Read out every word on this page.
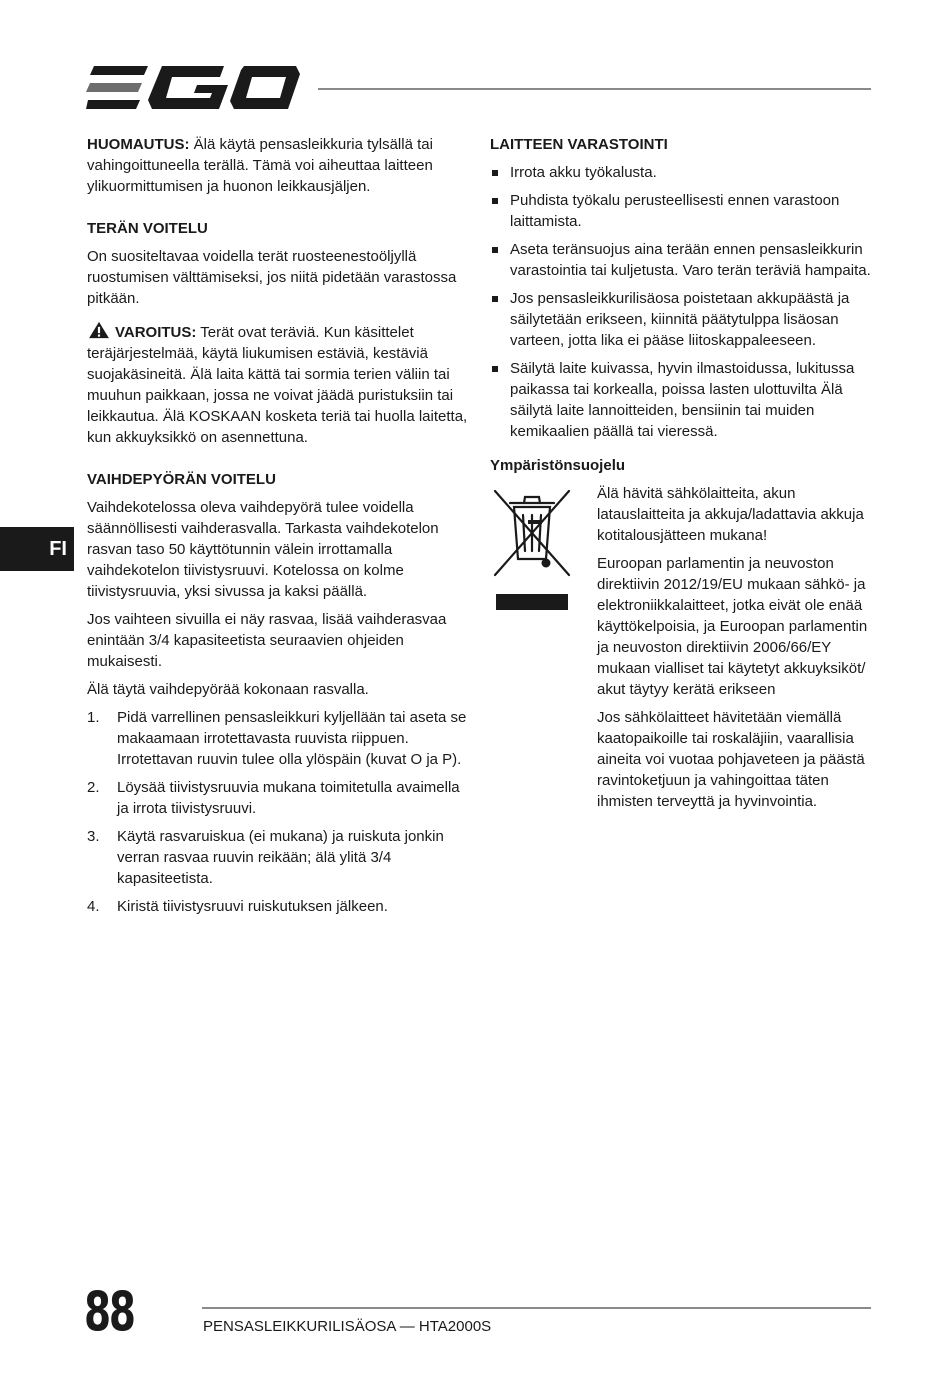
HUOMAUTUS: Älä käytä pensasleikkuria tylsällä tai vahingoittuneella terällä. Tämä voi aiheuttaa laitteen ylikuormittumisen ja huonon leikkausjäljen.

TERÄN VOITELU

On suositeltavaa voidella terät ruosteenestoöljyllä ruostumisen välttämiseksi, jos niitä pidetään varastossa pitkään.

VAROITUS: Terät ovat teräviä. Kun käsittelet teräjärjestelmää, käytä liukumisen estäviä, kestäviä suojakäsineitä. Älä laita kättä tai sormia terien väliin tai muuhun paikkaan, jossa ne voivat jäädä puristuksiin tai leikkautua. Älä KOSKAAN kosketa teriä tai huolla laitetta, kun akkuyksikkö on asennettuna.

VAIHDEPYÖRÄN VOITELU

Vaihdekotelossa oleva vaihdepyörä tulee voidella säännöllisesti vaihderasvalla. Tarkasta vaihdekotelon rasvan taso 50 käyttötunnin välein irrottamalla vaihdekotelon tiivistysruuvi. Kotelossa on kolme tiivistysruuvia, yksi sivussa ja kaksi päällä.

Jos vaihteen sivuilla ei näy rasvaa, lisää vaihderasvaa enintään 3/4 kapasiteetista seuraavien ohjeiden mukaisesti.

Älä täytä vaihdepyörää kokonaan rasvalla.

1. Pidä varrellinen pensasleikkuri kyljellään tai aseta se makaamaan irrotettavasta ruuvista riippuen. Irrotettavan ruuvin tulee olla ylöspäin (kuvat O ja P).
2. Löysää tiivistysruuvia mukana toimitetulla avaimella ja irrota tiivistysruuvi.
3. Käytä rasvaruiskua (ei mukana) ja ruiskuta jonkin verran rasvaa ruuvin reikään; älä ylitä 3/4 kapasiteetista.
4. Kiristä tiivistysruuvi ruiskutuksen jälkeen.
LAITTEEN VARASTOINTI
Irrota akku työkalusta.
Puhdista työkalu perusteellisesti ennen varastoon laittamista.
Aseta teränsuojus aina terään ennen pensasleikkurin varastointia tai kuljetusta. Varo terän teräviä hampaita.
Jos pensasleikkurilisäosa poistetaan akkupäästä ja säilytetään erikseen, kiinnitä päätytulppa lisäosan varteen, jotta lika ei pääse liitoskappaleeseen.
Säilytä laite kuivassa, hyvin ilmastoidussa, lukitussa paikassa tai korkealla, poissa lasten ulottuvilta Älä säilytä laite lannoitteiden, bensiinin tai muiden kemikaalien päällä tai vieressä.
Ympäristönsuojelu

Älä hävitä sähkölaitteita, akun latauslaitteita ja akkuja/ladattavia akkuja kotitalousjätteen mukana!

Euroopan parlamentin ja neuvoston direktiivin 2012/19/EU mukaan sähkö- ja elektroniikkalaitteet, jotka eivät ole enää käyttökelpoisia, ja Euroopan parlamentin ja neuvoston direktiivin 2006/66/EY mukaan vialliset tai käytetyt akkuyksiköt/ akut täytyy kerätä erikseen

Jos sähkölaitteet hävitetään viemällä kaatopaikoille tai roskaläjiin, vaarallisia aineita voi vuotaa pohjaveteen ja päästä ravintoketjuun ja vahingoittaa täten ihmisten terveyttä ja hyvinvointia.

FI
88	PENSASLEIKKURILISÄOSA — HTA2000S
